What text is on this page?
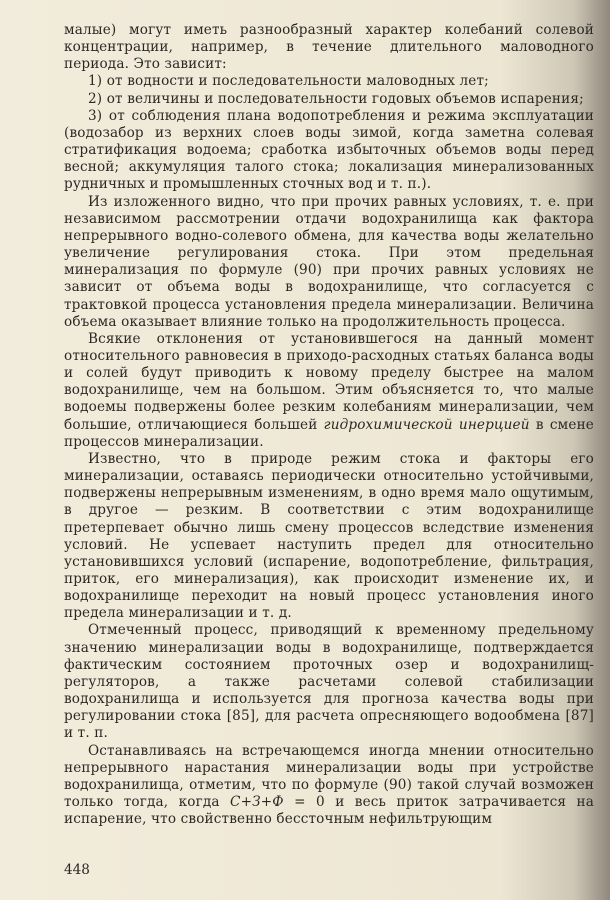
малые) могут иметь разнообразный характер колебаний солевой концентрации, например, в течение длительного маловодного периода. Это зависит:

1) от водности и последовательности маловодных лет;

2) от величины и последовательности годовых объемов испарения;

3) от соблюдения плана водопотребления и режима эксплуатации (водозабор из верхних слоев воды зимой, когда заметна солевая стратификация водоема; сработка избыточных объемов воды перед весной; аккумуляция талого стока; локализация минерализованных рудничных и промышленных сточных вод и т. п.).

Из изложенного видно, что при прочих равных условиях, т. е. при независимом рассмотрении отдачи водохранилища как фактора непрерывного водно-солевого обмена, для качества воды желательно увеличение регулирования стока. При этом предельная минерализация по формуле (90) при прочих равных условиях не зависит от объема воды в водохранилище, что согласуется с трактовкой процесса установления предела минерализации. Величина объема оказывает влияние только на продолжительность процесса.

Всякие отклонения от установившегося на данный момент относительного равновесия в приходо-расходных статьях баланса воды и солей будут приводить к новому пределу быстрее на малом водохранилище, чем на большом. Этим объясняется то, что малые водоемы подвержены более резким колебаниям минерализации, чем большие, отличающиеся большей гидрохимической инерцией в смене процессов минерализации.

Известно, что в природе режим стока и факторы его минерализации, оставаясь периодически относительно устойчивыми, подвержены непрерывным изменениям, в одно время мало ощутимым, в другое — резким. В соответствии с этим водохранилище претерпевает обычно лишь смену процессов вследствие изменения условий. Не успевает наступить предел для относительно установившихся условий (испарение, водопотребление, фильтрация, приток, его минерализация), как происходит изменение их, и водохранилище переходит на новый процесс установления иного предела минерализации и т. д.

Отмеченный процесс, приводящий к временному предельному значению минерализации воды в водохранилище, подтверждается фактическим состоянием проточных озер и водохранилищ-регуляторов, а также расчетами солевой стабилизации водохранилища и используется для прогноза качества воды при регулировании стока [85], для расчета опресняющего водообмена [87] и т. п.

Останавливаясь на встречающемся иногда мнении относительно непрерывного нарастания минерализации воды при устройстве водохранилища, отметим, что по формуле (90) такой случай возможен только тогда, когда С+З+Ф = 0 и весь приток затрачивается на испарение, что свойственно бессточным нефильтрующим

448
